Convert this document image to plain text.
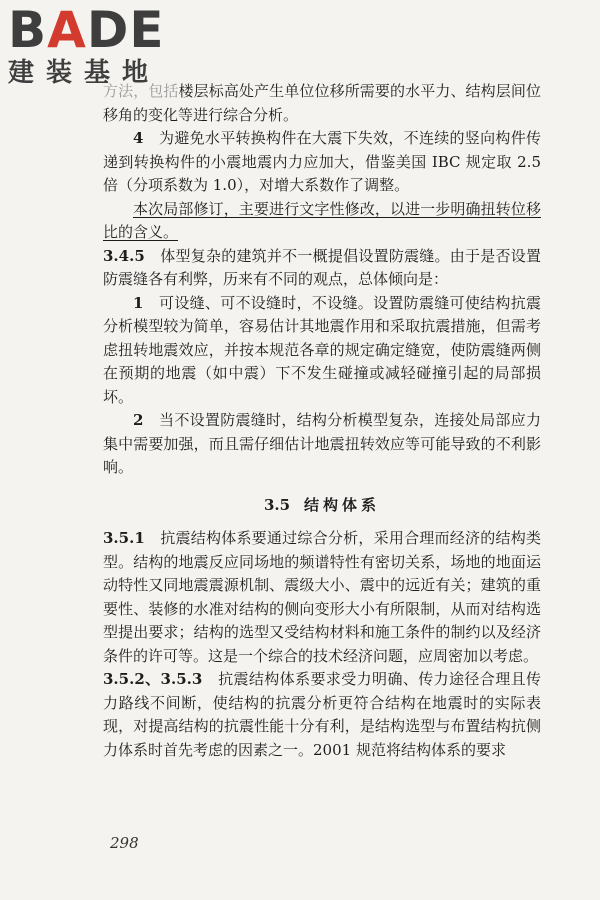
BADE
建装基地

方法，包括楼层标高处产生单位位移所需要的水平力、结构层间位移角的变化等进行综合分析。

4　 为避免水平转换构件在大震下失效，不连续的竖向构件传递到转换构件的小震地震内力应加大，借鉴美国 IBC 规定取 2.5 倍（分项系数为 1.0），对增大系数作了调整。

本次局部修订，主要进行文字性修改，以进一步明确扭转位移比的含义。

3.4.5　 体型复杂的建筑并不一概提倡设置防震缝。由于是否设置防震缝各有利弊，历来有不同的观点，总体倾向是：

1　 可设缝、可不设缝时，不设缝。设置防震缝可使结构抗震分析模型较为简单，容易估计其地震作用和采取抗震措施，但需考虑扭转地震效应，并按本规范各章的规定确定缝宽，使防震缝两侧在预期的地震（如中震）下不发生碰撞或减轻碰撞引起的局部损坏。

2　 当不设置防震缝时，结构分析模型复杂，连接处局部应力集中需要加强，而且需仔细估计地震扭转效应等可能导致的不利影响。

3.5 结构体系

3.5.1　 抗震结构体系要通过综合分析，采用合理而经济的结构类型。结构的地震反应同场地的频谱特性有密切关系，场地的地面运动特性又同地震震源机制、震级大小、震中的远近有关；建筑的重要性、装修的水准对结构的侧向变形大小有所限制，从而对结构选型提出要求；结构的选型又受结构材料和施工条件的制约以及经济条件的许可等。这是一个综合的技术经济问题，应周密加以考虑。

3.5.2、3.5.3　 抗震结构体系要求受力明确、传力途径合理且传力路线不间断，使结构的抗震分析更符合结构在地震时的实际表现，对提高结构的抗震性能十分有利，是结构选型与布置结构抗侧力体系时首先考虑的因素之一。2001 规范将结构体系的要求

298
